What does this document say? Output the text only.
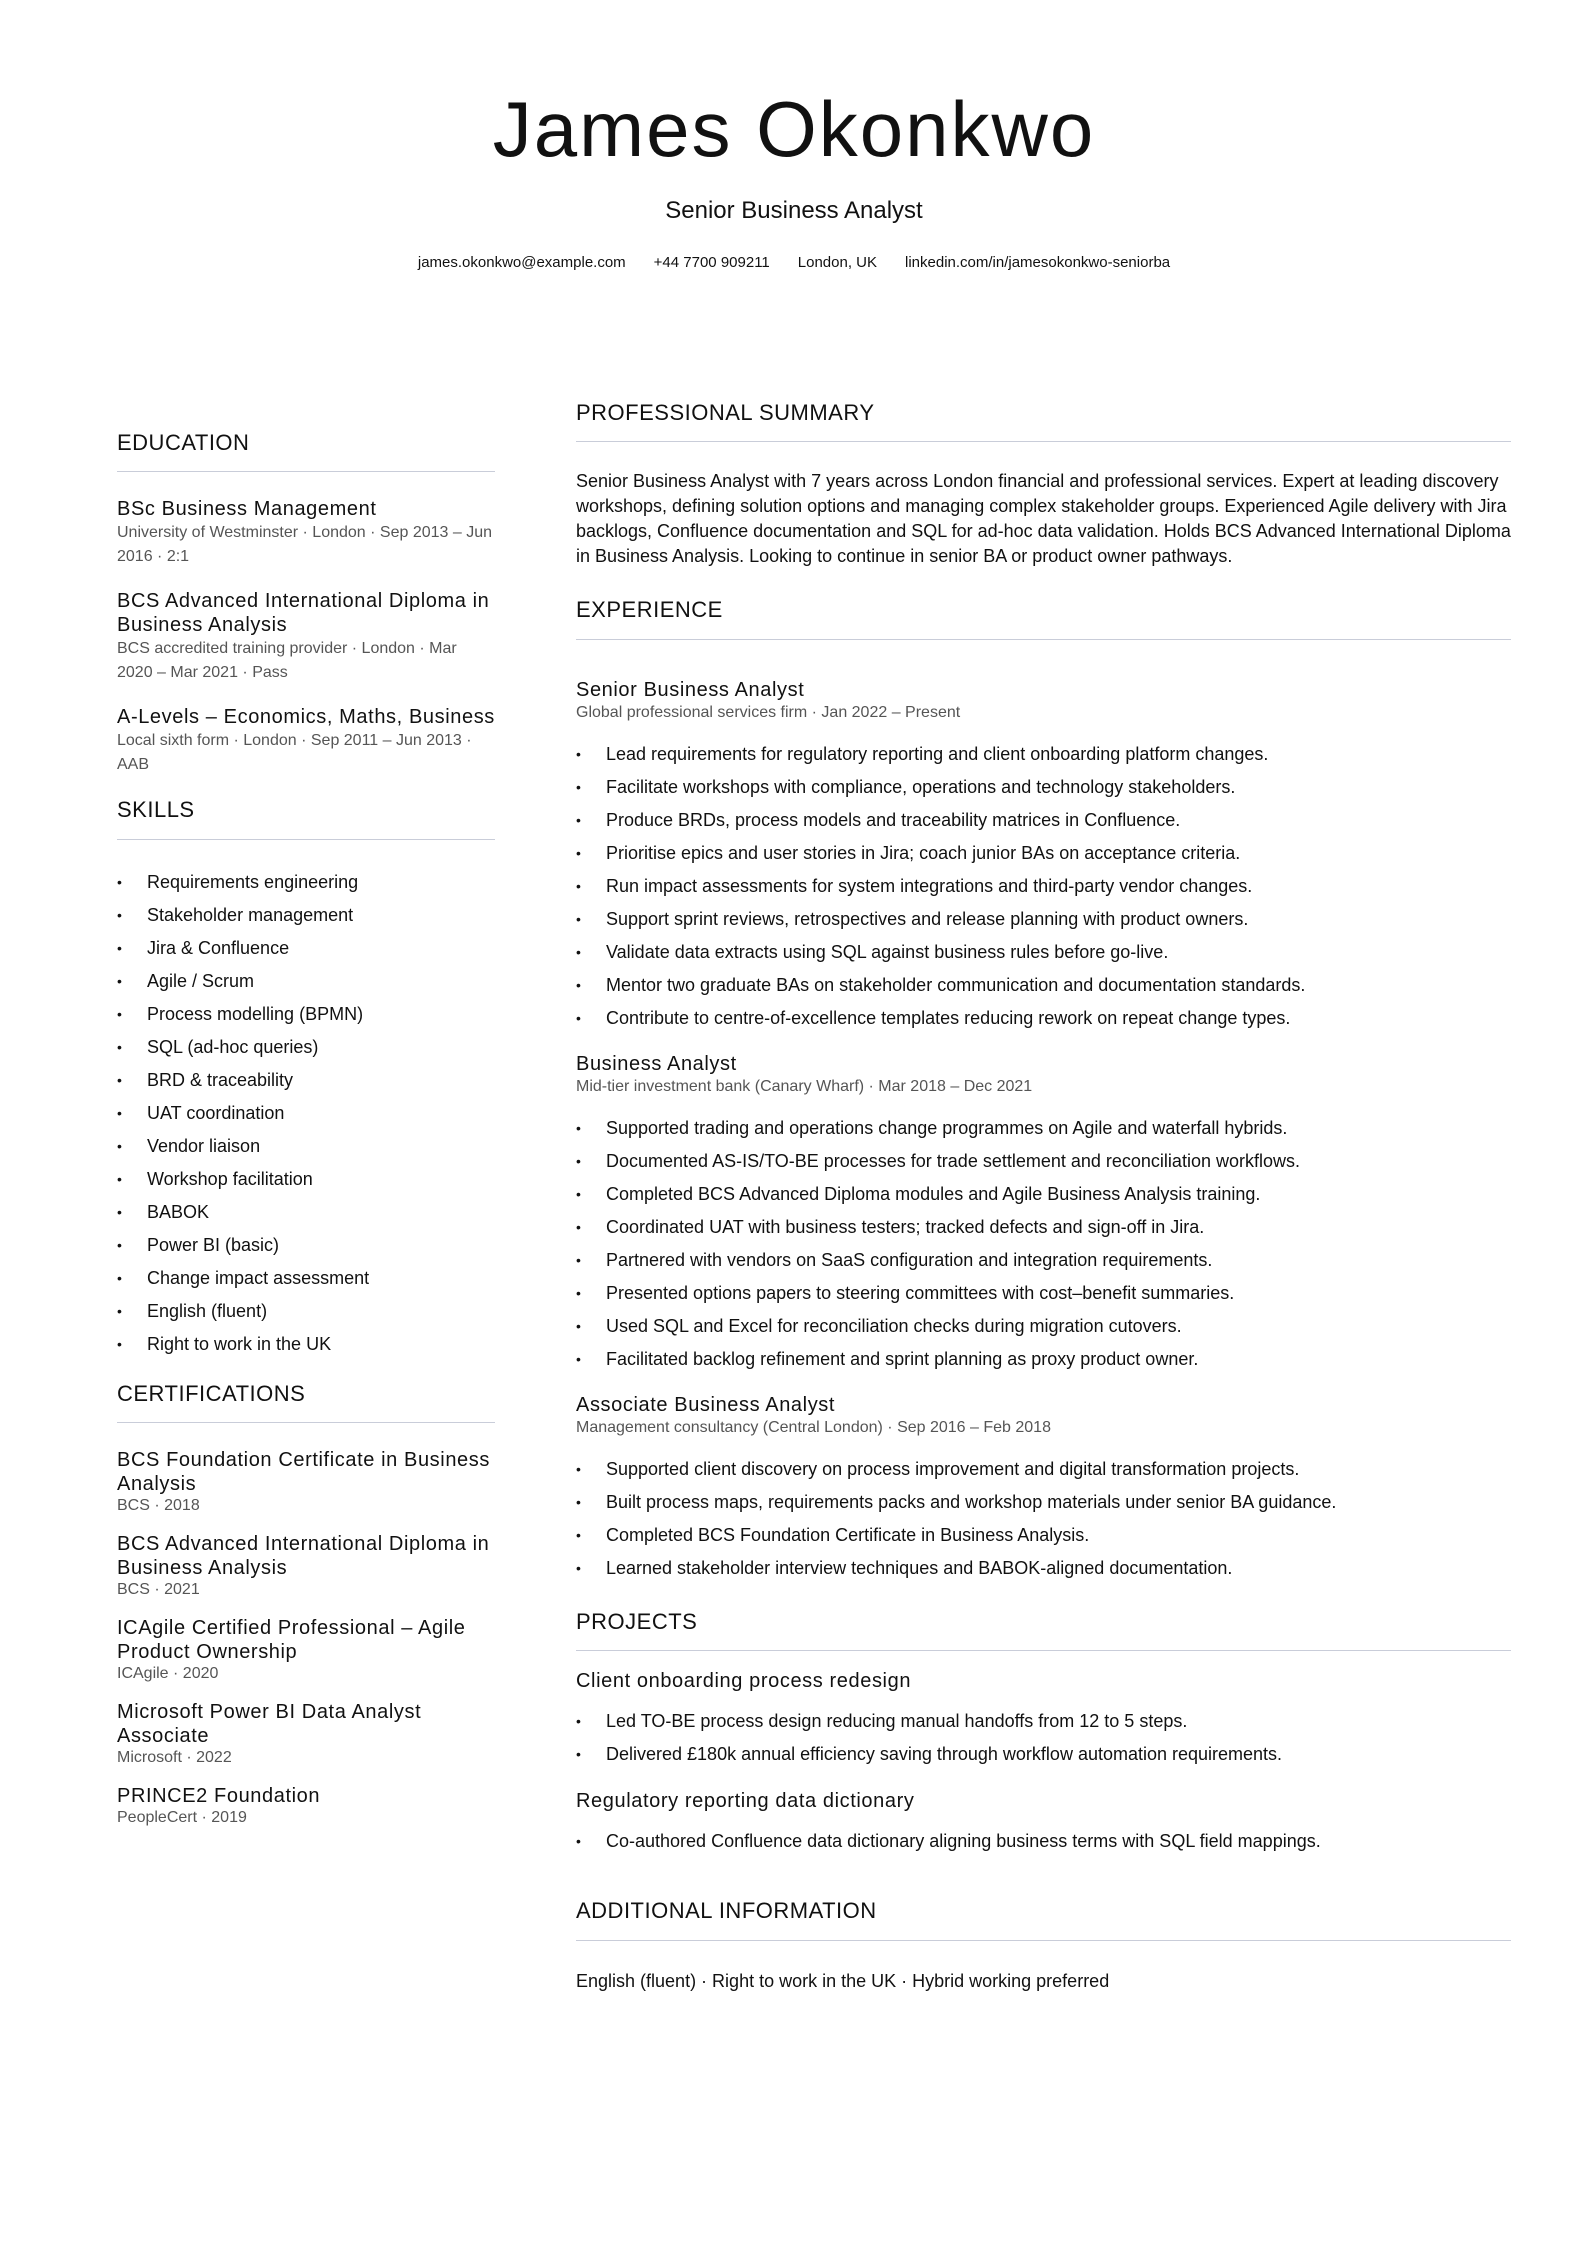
James Okonkwo
Senior Business Analyst
james.okonkwo@example.com +44 7700 909211 London, UK linkedin.com/in/jamesokonkwo-seniorba
EDUCATION
BSc Business Management
University of Westminster · London · Sep 2013 – Jun 2016 · 2:1
BCS Advanced International Diploma in Business Analysis
BCS accredited training provider · London · Mar 2020 – Mar 2021 · Pass
A-Levels – Economics, Maths, Business
Local sixth form · London · Sep 2011 – Jun 2013 · AAB
SKILLS
• Requirements engineering
• Stakeholder management
• Jira & Confluence
• Agile / Scrum
• Process modelling (BPMN)
• SQL (ad-hoc queries)
• BRD & traceability
• UAT coordination
• Vendor liaison
• Workshop facilitation
• BABOK
• Power BI (basic)
• Change impact assessment
• English (fluent)
• Right to work in the UK
CERTIFICATIONS
BCS Foundation Certificate in Business Analysis
BCS · 2018
BCS Advanced International Diploma in Business Analysis
BCS · 2021
ICAgile Certified Professional – Agile Product Ownership
ICAgile · 2020
Microsoft Power BI Data Analyst Associate
Microsoft · 2022
PRINCE2 Foundation
PeopleCert · 2019
PROFESSIONAL SUMMARY
Senior Business Analyst with 7 years across London financial and professional services. Expert at leading discovery workshops, defining solution options and managing complex stakeholder groups. Experienced Agile delivery with Jira backlogs, Confluence documentation and SQL for ad-hoc data validation. Holds BCS Advanced International Diploma in Business Analysis. Looking to continue in senior BA or product owner pathways.
EXPERIENCE
Senior Business Analyst
Global professional services firm · Jan 2022 – Present
• Lead requirements for regulatory reporting and client onboarding platform changes.
• Facilitate workshops with compliance, operations and technology stakeholders.
• Produce BRDs, process models and traceability matrices in Confluence.
• Prioritise epics and user stories in Jira; coach junior BAs on acceptance criteria.
• Run impact assessments for system integrations and third-party vendor changes.
• Support sprint reviews, retrospectives and release planning with product owners.
• Validate data extracts using SQL against business rules before go-live.
• Mentor two graduate BAs on stakeholder communication and documentation standards.
• Contribute to centre-of-excellence templates reducing rework on repeat change types.
Business Analyst
Mid-tier investment bank (Canary Wharf) · Mar 2018 – Dec 2021
• Supported trading and operations change programmes on Agile and waterfall hybrids.
• Documented AS-IS/TO-BE processes for trade settlement and reconciliation workflows.
• Completed BCS Advanced Diploma modules and Agile Business Analysis training.
• Coordinated UAT with business testers; tracked defects and sign-off in Jira.
• Partnered with vendors on SaaS configuration and integration requirements.
• Presented options papers to steering committees with cost–benefit summaries.
• Used SQL and Excel for reconciliation checks during migration cutovers.
• Facilitated backlog refinement and sprint planning as proxy product owner.
Associate Business Analyst
Management consultancy (Central London) · Sep 2016 – Feb 2018
• Supported client discovery on process improvement and digital transformation projects.
• Built process maps, requirements packs and workshop materials under senior BA guidance.
• Completed BCS Foundation Certificate in Business Analysis.
• Learned stakeholder interview techniques and BABOK-aligned documentation.
PROJECTS
Client onboarding process redesign
• Led TO-BE process design reducing manual handoffs from 12 to 5 steps.
• Delivered £180k annual efficiency saving through workflow automation requirements.
Regulatory reporting data dictionary
• Co-authored Confluence data dictionary aligning business terms with SQL field mappings.
ADDITIONAL INFORMATION
English (fluent) · Right to work in the UK · Hybrid working preferred
